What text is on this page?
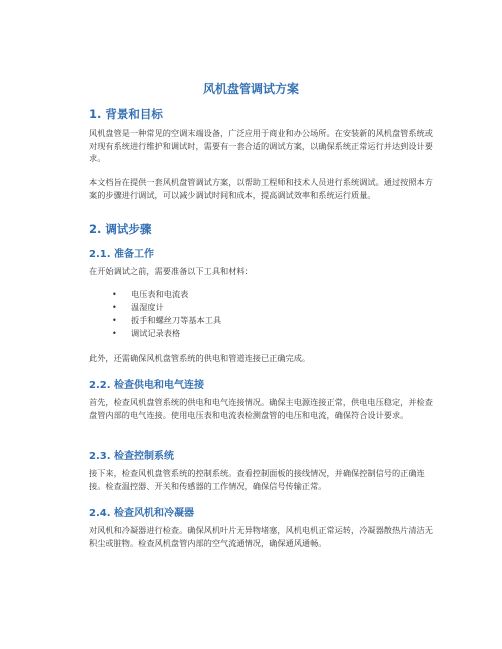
风机盘管调试方案
1. 背景和目标

风机盘管是一种常见的空调末端设备，广泛应用于商业和办公场所。在安装新的风机盘管系统或对现有系统进行维护和调试时，需要有一套合适的调试方案，以确保系统正常运行并达到设计要求。

本文档旨在提供一套风机盘管调试方案，以帮助工程师和技术人员进行系统调试。通过按照本方案的步骤进行调试，可以减少调试时间和成本，提高调试效率和系统运行质量。

2. 调试步骤
2.1. 准备工作

在开始调试之前，需要准备以下工具和材料：

• 电压表和电流表
• 温湿度计
• 扳手和螺丝刀等基本工具
• 调试记录表格

此外，还需确保风机盘管系统的供电和管道连接已正确完成。

2.2. 检查供电和电气连接

首先，检查风机盘管系统的供电和电气连接情况。确保主电源连接正常，供电电压稳定，并检查盘管内部的电气连接。使用电压表和电流表检测盘管的电压和电流，确保符合设计要求。

2.3. 检查控制系统

接下来，检查风机盘管系统的控制系统。查看控制面板的接线情况，并确保控制信号的正确连接。检查温控器、开关和传感器的工作情况，确保信号传输正常。

2.4. 检查风机和冷凝器

对风机和冷凝器进行检查。确保风机叶片无异物堵塞，风机电机正常运转，冷凝器散热片清洁无积尘或脏物。检查风机盘管内部的空气流通情况，确保通风通畅。
